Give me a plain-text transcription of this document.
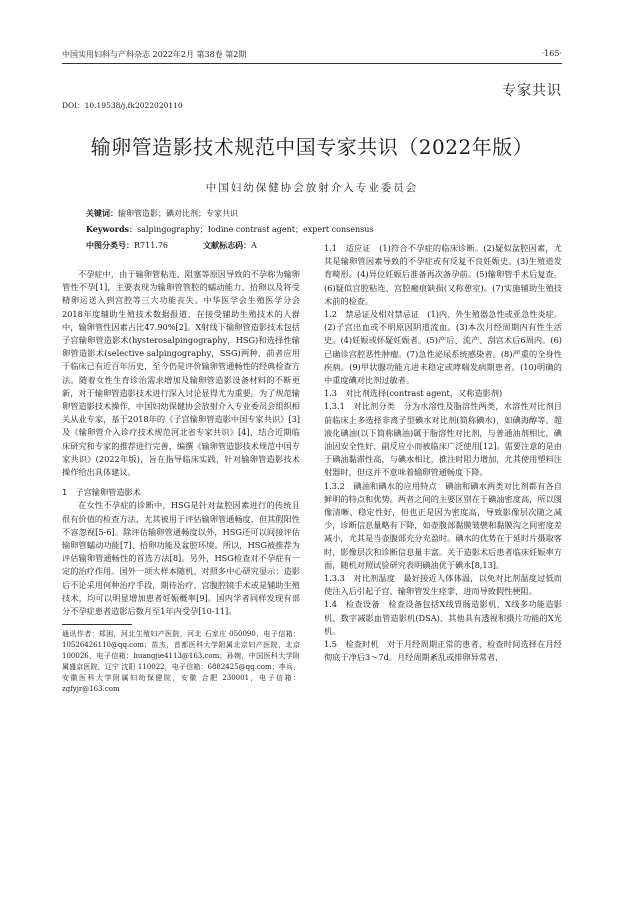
中国实用妇科与产科杂志 2022年2月 第38卷 第2期	·165·
专家共识
DOI：10.19538/j.fk2022020110
输卵管造影技术规范中国专家共识（2022年版）
中国妇幼保健协会放射介入专业委员会
关键词：输卵管造影；碘对比剂；专家共识
Keywords：salpingography；Iodine contrast agent；expert consensus
中图分类号：R711.76	文献标志码：A

不孕症中，由于输卵管粘连、阻塞等原因导致的不孕称为输卵管性不孕[1]，主要表现为输卵管管腔的蠕动能力、拾卵以及将受精卵运送入到宫腔等三大功能丧失。中华医学会生殖医学分会2018年度辅助生殖技术数据报道，在接受辅助生殖技术的人群中，输卵管性因素占比47.90%[2]。X射线下输卵管造影技术包括子宫输卵管造影术(hysterosalpingography，HSG)和选择性输卵管造影术(selective salpingography，SSG)两种，前者应用于临床已有近百年历史，至今仍是评价输卵管通畅性的经典检查方法。随着女性生育诊治需求增加及输卵管造影设备材料的不断更新，对于输卵管造影技术进行深入讨论显得尤为重要。为了规范输卵管造影技术操作，中国妇幼保健协会放射介入专业委员会组织相关从业专家，基于2018年的《子宫输卵管造影中国专家共识》[3]及《输卵管介入诊疗技术规范河北省专家共识》[4]，结合近期临床研究和专家的推荐进行完善，编撰《输卵管造影技术规范中国专家共识》(2022年版)，旨在指导临床实践，针对输卵管造影技术操作给出具体建议。

1　子宫输卵管造影术

在女性不孕症的诊断中，HSG是针对盆腔因素进行的传统且很有价值的检查方法，尤其被用于评估输卵管通畅度，但其假阳性不容忽视[5-6]。除评估输卵管通畅度以外，HSG还可以间接评估输卵管蠕动功能[7]、拾卵功能及盆腔环境。所以，HSG被推荐为评估输卵管通畅性的首选方法[8]。另外，HSG检查对不孕症有一定的治疗作用。国外一项大样本随机、对照多中心研究显示：造影后不论采用何种治疗手段，期待治疗、宫腹腔镜手术或是辅助生殖技术，均可以明显增加患者妊娠概率[9]。国内学者同样发现有部分不孕症患者造影后数月至1年内受孕[10-11]。

通讯作者：郑困，河北生殖妇产医院，河北 石家庄 050090，电子信箱：10526426110@qq.com；苗杰，首都医科大学附属北京妇产医院，北京 100026，电子信箱：huangjie4113@163.com；孙婉，中国医科大学附属盛京医院，辽宁 沈阳 110022，电子信箱：6882425@qq.com；李兵，安徽医科大学附属妇幼保健院，安徽 合肥 230001，电子信箱：zgfyjr@163.com

1.1　适应证　(1)符合不孕症的临床诊断。(2)疑似盆腔因素，尤其是输卵管因素导致的不孕症或有反复不良妊娠史。(3)生殖道发育畸形。(4)异位妊娠后准备再次备孕前。(5)输卵管手术后复查。(6)疑似宫腔粘连、宫腔瘢痕缺损(又称憩室)。(7)实施辅助生殖技术前的检查。

1.2　禁忌证及相对禁忌证　(1)内、外生殖器急性或亚急性炎症。(2)子宫出血或不明原因阴道流血。(3)本次月经周期内有性生活史。(4)妊娠或怀疑妊娠者。(5)产后、流产、刮宫术后6周内。(6)已确诊宫腔恶性肿瘤。(7)急性泌尿系统感染者。(8)严重的全身性疾病。(9)甲状腺功能亢进未稳定或哮喘发病期患者。(10)明确的中重度碘对比剂过敏者。

1.3　对比剂选择(contrast agent，又称造影剂)

1.3.1　对比剂分类　分为水溶性及脂溶性两类，水溶性对比剂目前临床上多选择非离子型碘水对比剂(简称碘水)，如碘海醇等。超液化碘油(以下简称碘油)属于脂溶性对比剂，与普通油剂相比，碘油因安全性好、副反应小而被临床广泛使用[12]。需要注意的是由于碘油黏滞性高，与碘水相比，推注时阻力增加，尤其使用塑料注射器时，但这并不意味着输卵管通畅度下降。

1.3.2　碘油和碘水的应用特点　碘油和碘水两类对比剂都有各自鲜明的特点和优势。两者之间的主要区别在于碘油密度高，所以图像清晰、稳定性好，但也正是因为密度高，导致影像层次随之减少，诊断信息量略有下降，如壶腹部黏膜皱襞和黏膜沟之间密度差减小，尤其是当壶腹部充分充盈时。碘水的优势在于延时片摄取客时，影像层次和诊断信息量丰富。关于造影术后患者临床妊娠率方面，随机对照试验研究表明碘油优于碘水[8,13]。

1.3.3　对比剂温度　最好接近人体体温，以免对比剂温度过低而使注入后引起子宫、输卵管发生痉挛，进而导致假性梗阻。

1.4　检查设备　检查设备包括X线胃肠造影机、X线多功能造影机、数字减影血管造影机(DSA)、其他具有透视和摄片功能的X光机。

1.5　检查时机　对于月经周期正常的患者，检查时间选择在月经彻底干净后3～7d。月经周期紊乱或排卵异常者，
